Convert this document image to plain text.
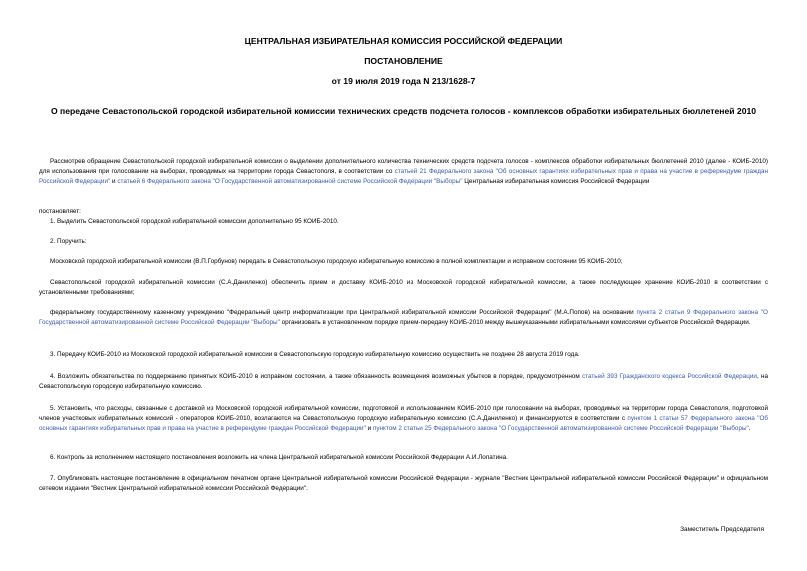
ЦЕНТРАЛЬНАЯ ИЗБИРАТЕЛЬНАЯ КОМИССИЯ РОССИЙСКОЙ ФЕДЕРАЦИИ
ПОСТАНОВЛЕНИЕ
от 19 июля 2019 года N 213/1628-7
О передаче Севастопольской городской избирательной комиссии технических средств подсчета голосов - комплексов обработки избирательных бюллетеней 2010
Рассмотрев обращение Севастопольской городской избирательной комиссии о выделении дополнительного количества технических средств подсчета голосов - комплексов обработки избирательных бюллетеней 2010 (далее - КОИБ-2010) для использования при голосовании на выборах, проводимых на территории города Севастополя, в соответствии со статьей 21 Федерального закона "Об основных гарантиях избирательных прав и права на участие в референдуме граждан Российской Федерации" и статьей 6 Федерального закона "О Государственной автоматизированной системе Российской Федерации "Выборы" Центральная избирательная комиссия Российской Федерации
постановляет:
1. Выделить Севастопольской городской избирательной комиссии дополнительно 95 КОИБ-2010.
2. Поручить:
Московской городской избирательной комиссии (В.П.Горбунов) передать в Севастопольскую городскую избирательную комиссию в полной комплектации и исправном состоянии 95 КОИБ-2010;
Севастопольской городской избирательной комиссии (С.А.Даниленко) обеспечить прием и доставку КОИБ-2010 из Московской городской избирательной комиссии, а также последующее хранение КОИБ-2010 в соответствии с установленными требованиями;
федеральному государственному казенному учреждению "Федеральный центр информатизации при Центральной избирательной комиссии Российской Федерации" (М.А.Попов) на основании пункта 2 статьи 9 Федерального закона "О Государственной автоматизированной системе Российской Федерации "Выборы" организовать в установленном порядке прием-передачу КОИБ-2010 между вышеуказанными избирательными комиссиями субъектов Российской Федерации.
3. Передачу КОИБ-2010 из Московской городской избирательной комиссии в Севастопольскую городскую избирательную комиссию осуществить не позднее 28 августа 2019 года.
4. Возложить обязательства по поддержанию принятых КОИБ-2010 в исправном состоянии, а также обязанность возмещения возможных убытков в порядке, предусмотренном статьей 393 Гражданского кодекса Российской Федерации, на Севастопольскую городскую избирательную комиссию.
5. Установить, что расходы, связанные с доставкой из Московской городской избирательной комиссии, подготовкой и использованием КОИБ-2010 при голосовании на выборах, проводимых на территории города Севастополя, подготовкой членов участковых избирательных комиссий - операторов КОИБ-2010, возлагаются на Севастопольскую городскую избирательную комиссию (С.А.Даниленко) и финансируются в соответствии с пунктом 1 статьи 57 Федерального закона "Об основных гарантиях избирательных прав и права на участие в референдуме граждан Российской Федерации" и пунктом 2 статьи 25 Федерального закона "О Государственной автоматизированной системе Российской Федерации "Выборы".
6. Контроль за исполнением настоящего постановления возложить на члена Центральной избирательной комиссии Российской Федерации А.И.Лопатина.
7. Опубликовать настоящее постановление в официальном печатном органе Центральной избирательной комиссии Российской Федерации - журнале "Вестник Центральной избирательной комиссии Российской Федерации" и официальном сетевом издании "Вестник Центральной избирательной комиссии Российской Федерации".
Заместитель Председателя
